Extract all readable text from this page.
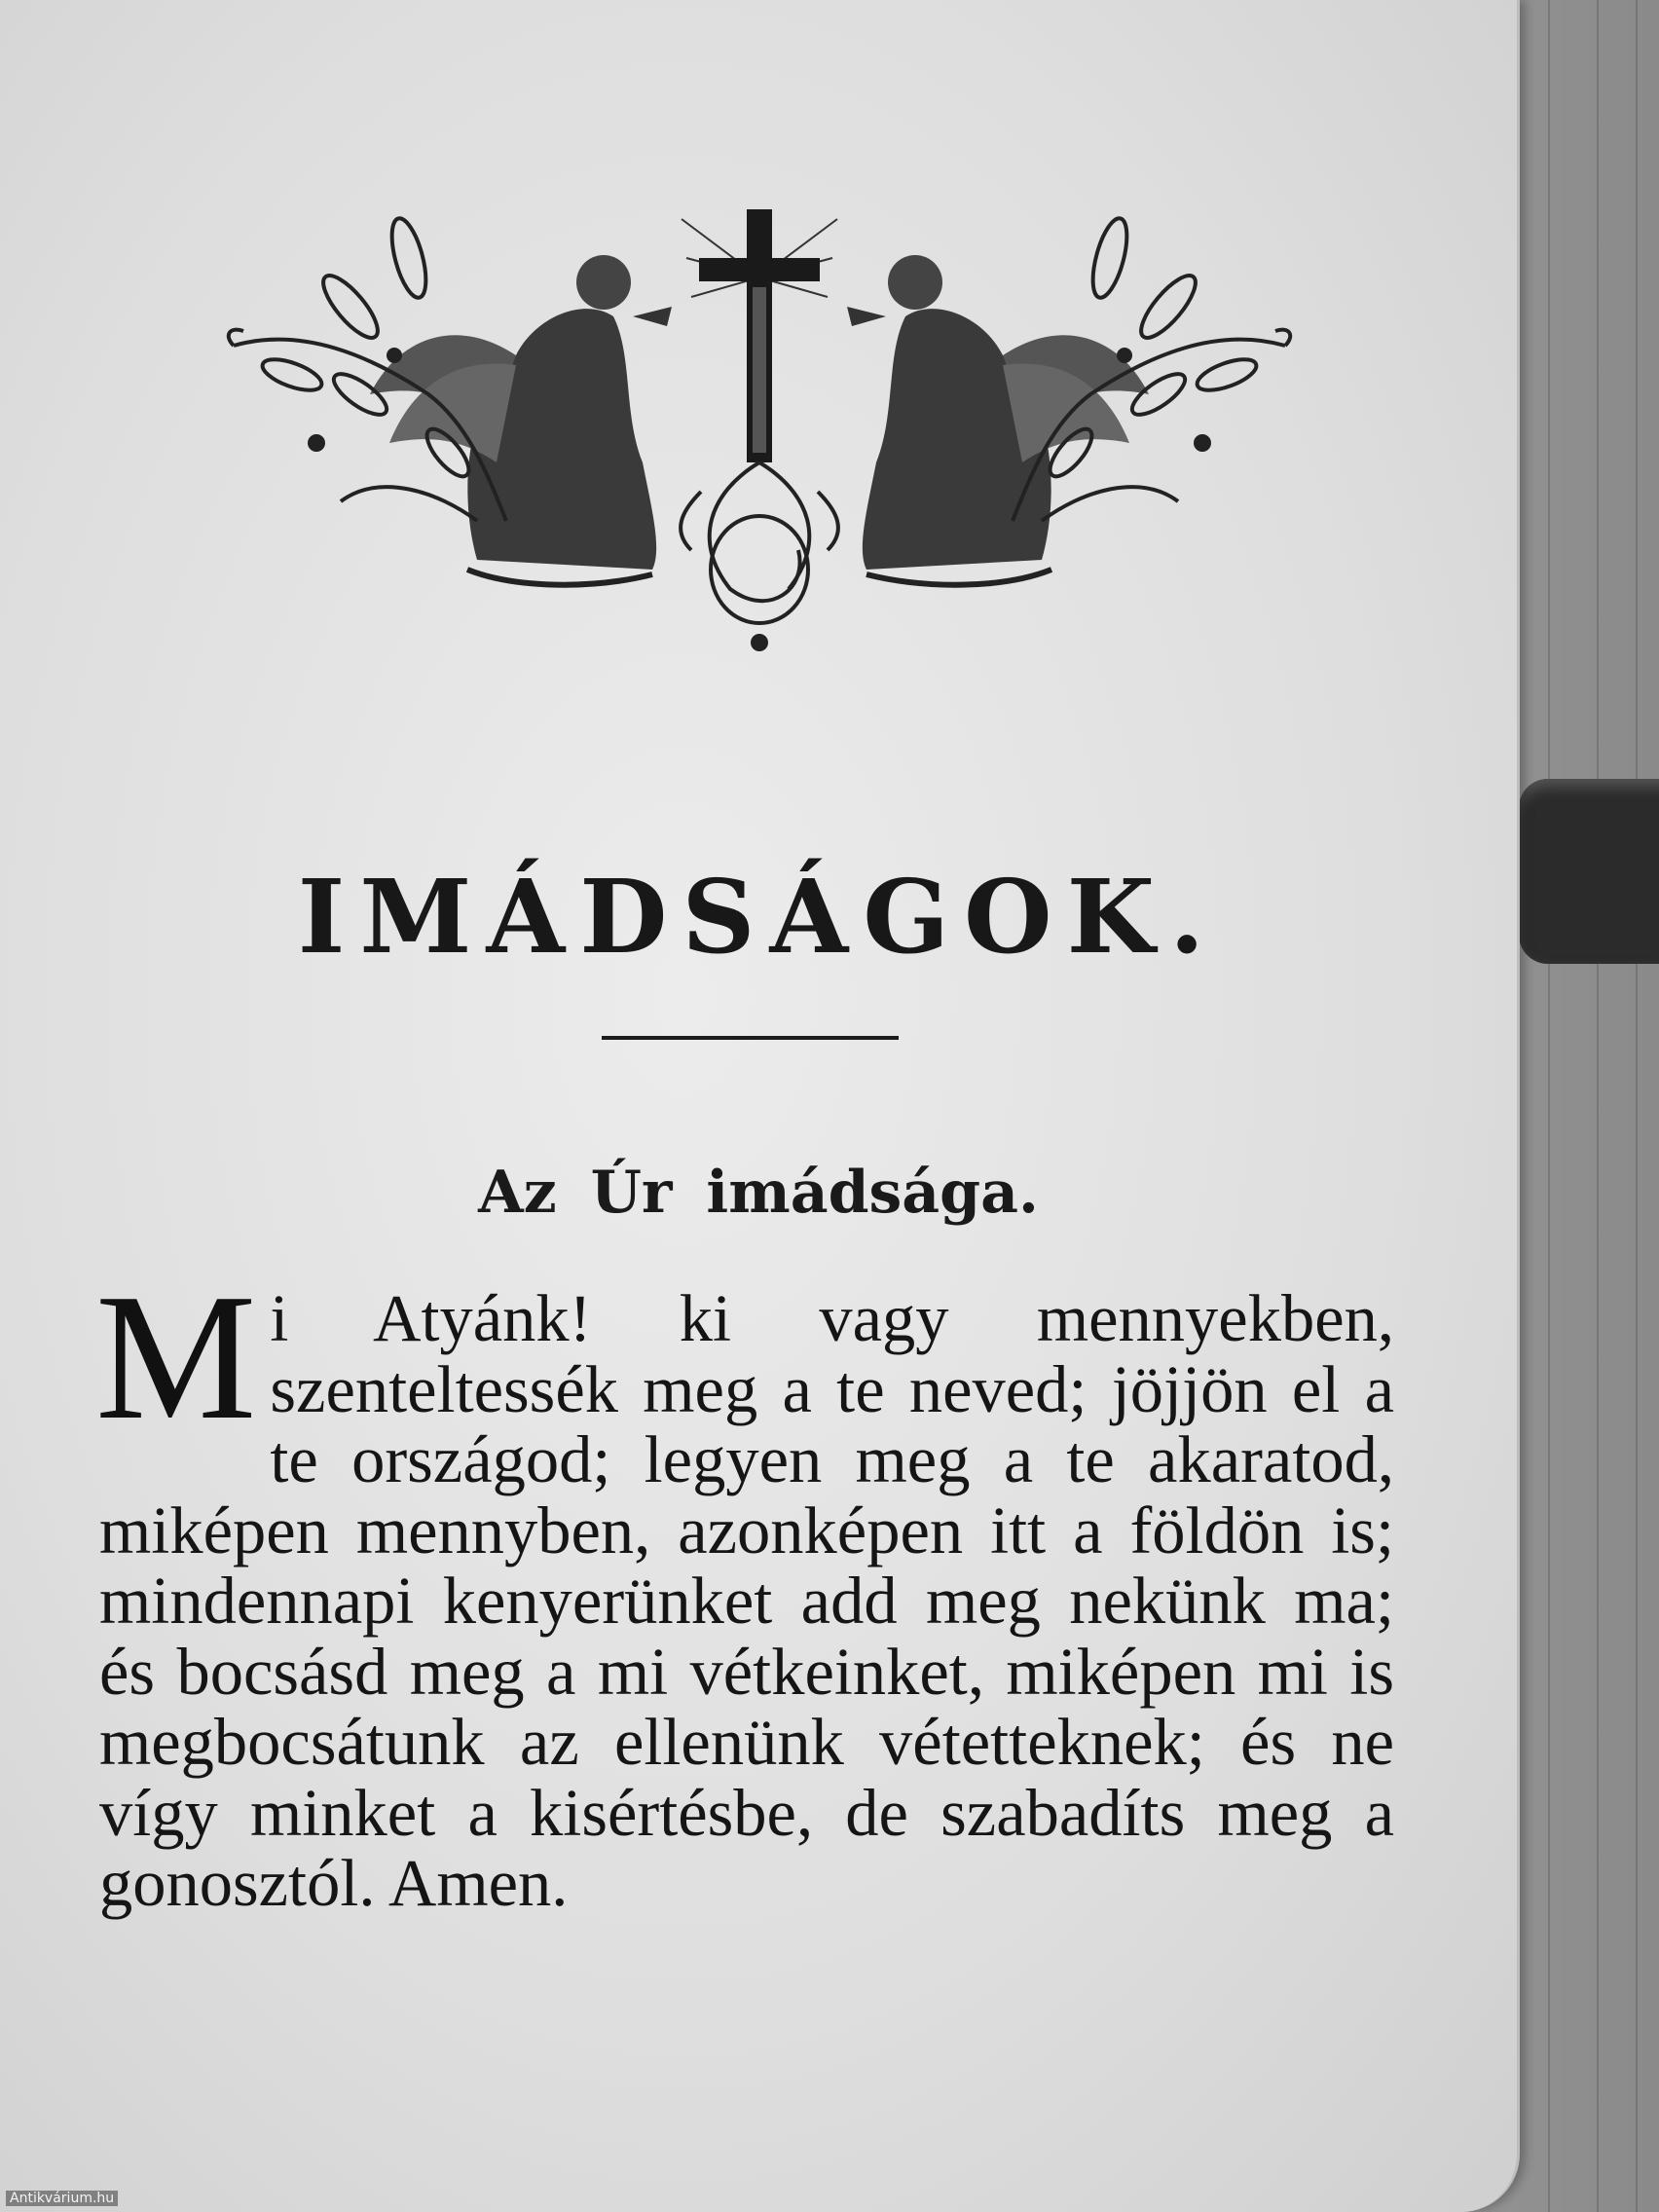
IMÁDSÁGOK.
Az Úr imádsága.
Mi Atyánk! ki vagy mennyekben, szenteltessék meg a te neved; jöjjön el a te országod; legyen meg a te akaratod, miképen mennyben, azonképen itt a földön is; mindennapi kenyerünket add meg nekünk ma; és bocsásd meg a mi vétkeinket, miképen mi is megbocsátunk az ellenünk vétetteknek; és ne vígy minket a kisértésbe, de szabadíts meg a gonosztól. Amen.
Antikvárium.hu
